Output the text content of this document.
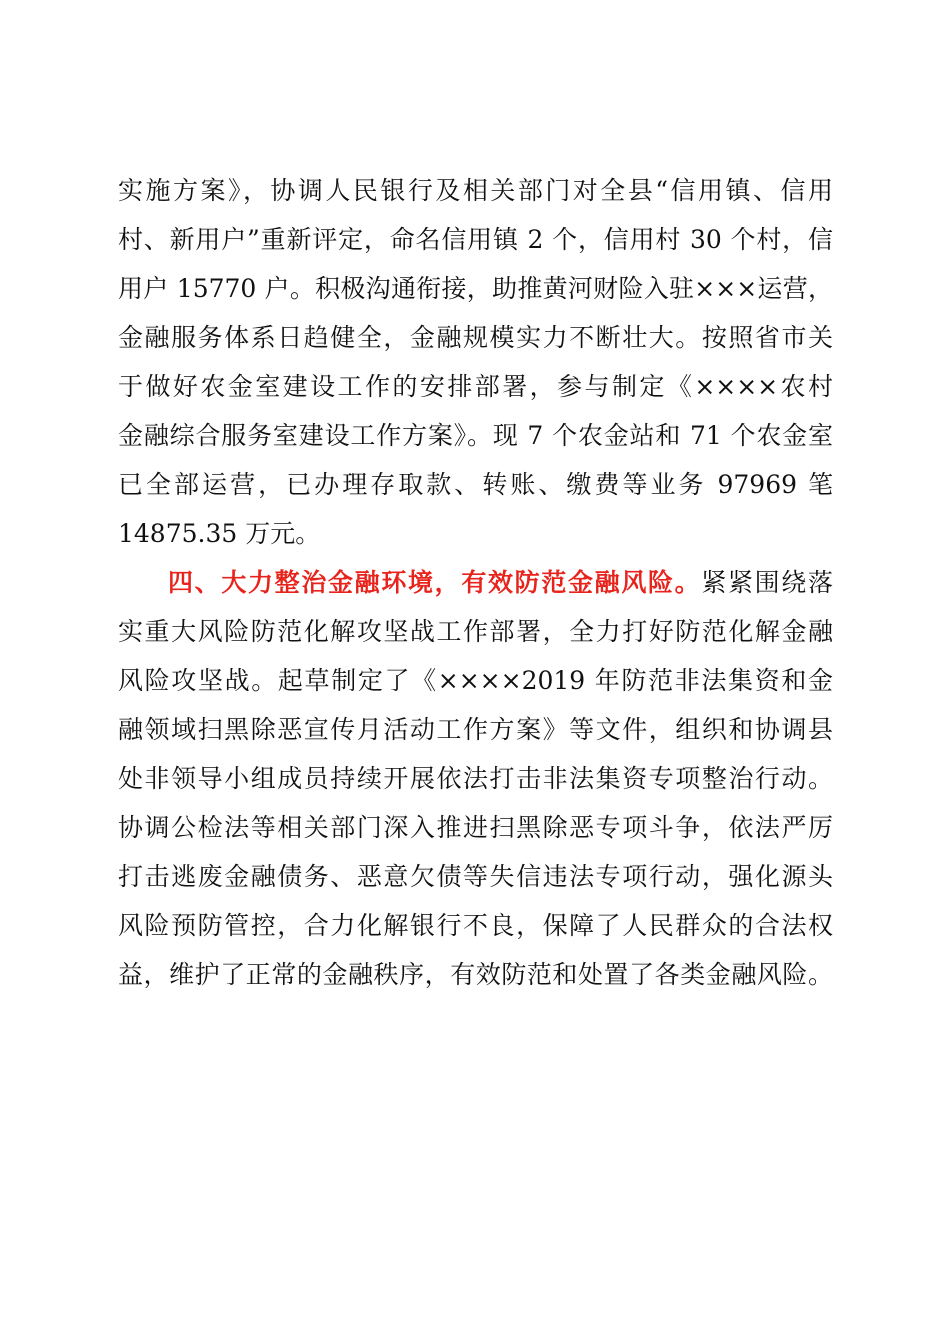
实施方案》，协调人民银行及相关部门对全县“信用镇、信用
村、新用户”重新评定，命名信用镇 2 个，信用村 30 个村，信
用户 15770 户。积极沟通衔接，助推黄河财险入驻×××运营，
金融服务体系日趋健全，金融规模实力不断壮大。按照省市关
于做好农金室建设工作的安排部署，参与制定《××××农村
金融综合服务室建设工作方案》。现 7 个农金站和 71 个农金室
已全部运营，已办理存取款、转账、缴费等业务 97969 笔
14875.35 万元。
四、大力整治金融环境，有效防范金融风险。紧紧围绕落
实重大风险防范化解攻坚战工作部署，全力打好防范化解金融
风险攻坚战。起草制定了《××××2019 年防范非法集资和金
融领域扫黑除恶宣传月活动工作方案》等文件，组织和协调县
处非领导小组成员持续开展依法打击非法集资专项整治行动。
协调公检法等相关部门深入推进扫黑除恶专项斗争，依法严厉
打击逃废金融债务、恶意欠债等失信违法专项行动，强化源头
风险预防管控，合力化解银行不良，保障了人民群众的合法权
益，维护了正常的金融秩序，有效防范和处置了各类金融风险。
